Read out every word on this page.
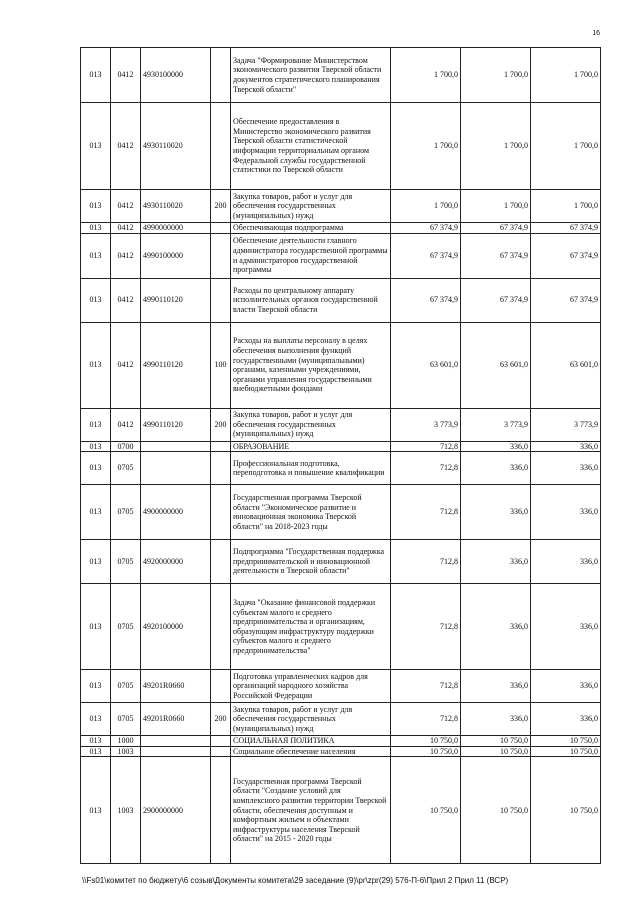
16
013	0412	4930100000		Задача "Формирование Министерством экономического развития Тверской области документов стратегического планирования Тверской области"	1 700,0	1 700,0	1 700,0
013	0412	4930110020		Обеспечение предоставления в Министерство экономического развития Тверской области статистической информации территориальным органом Федеральной службы государственной статистики по Тверской области	1 700,0	1 700,0	1 700,0
013	0412	4930110020	200	Закупка товаров, работ и услуг для обеспечения государственных (муниципальных) нужд	1 700,0	1 700,0	1 700,0
013	0412	4990000000		Обеспечивающая подпрограмма	67 374,9	67 374,9	67 374,9
013	0412	4990100000		Обеспечение деятельности главного администратора государственной программы и администраторов государственной программы	67 374,9	67 374,9	67 374,9
013	0412	4990110120		Расходы по центральному аппарату исполнительных органов государственной власти Тверской области	67 374,9	67 374,9	67 374,9
013	0412	4990110120	100	Расходы на выплаты персоналу в целях обеспечения выполнения функций государственными (муниципальными) органами, казенными учреждениями, органами управления государственными внебюджетными фондами	63 601,0	63 601,0	63 601,0
013	0412	4990110120	200	Закупка товаров, работ и услуг для обеспечения государственных (муниципальных) нужд	3 773,9	3 773,9	3 773,9
013	0700			ОБРАЗОВАНИЕ	712,8	336,0	336,0
013	0705			Профессиональная подготовка, переподготовка и повышение квалификации	712,8	336,0	336,0
013	0705	4900000000		Государственная программа Тверской области "Экономическое развитие и инновационная экономика Тверской области" на 2018-2023 годы	712,8	336,0	336,0
013	0705	4920000000		Подпрограмма "Государственная поддержка предпринимательской и инновационной деятельности в Тверской области"	712,8	336,0	336,0
013	0705	4920100000		Задача "Оказание финансовой поддержки субъектам малого и среднего предпринимательства и организациям, образующим инфраструктуру поддержки субъектов малого и среднего предпринимательства"	712,8	336,0	336,0
013	0705	49201R0660		Подготовка управленческих кадров для организаций народного хозяйства Российской Федерации	712,8	336,0	336,0
013	0705	49201R0660	200	Закупка товаров, работ и услуг для обеспечения государственных (муниципальных) нужд	712,8	336,0	336,0
013	1000			СОЦИАЛЬНАЯ ПОЛИТИКА	10 750,0	10 750,0	10 750,0
013	1003			Социальное обеспечение населения	10 750,0	10 750,0	10 750,0
013	1003	2900000000		Государственная программа Тверской области "Создание условий для комплексного развития территории Тверской области, обеспечения доступным и комфортным жильем и объектами инфраструктуры населения Тверской области" на 2015 - 2020 годы	10 750,0	10 750,0	10 750,0
\\Fs01\комитет по бюджету\6 созыв\Документы комитета\29 заседание (9)\pr\zpr(29) 576-П-6\Прил 2 Прил 11 (ВСР)
